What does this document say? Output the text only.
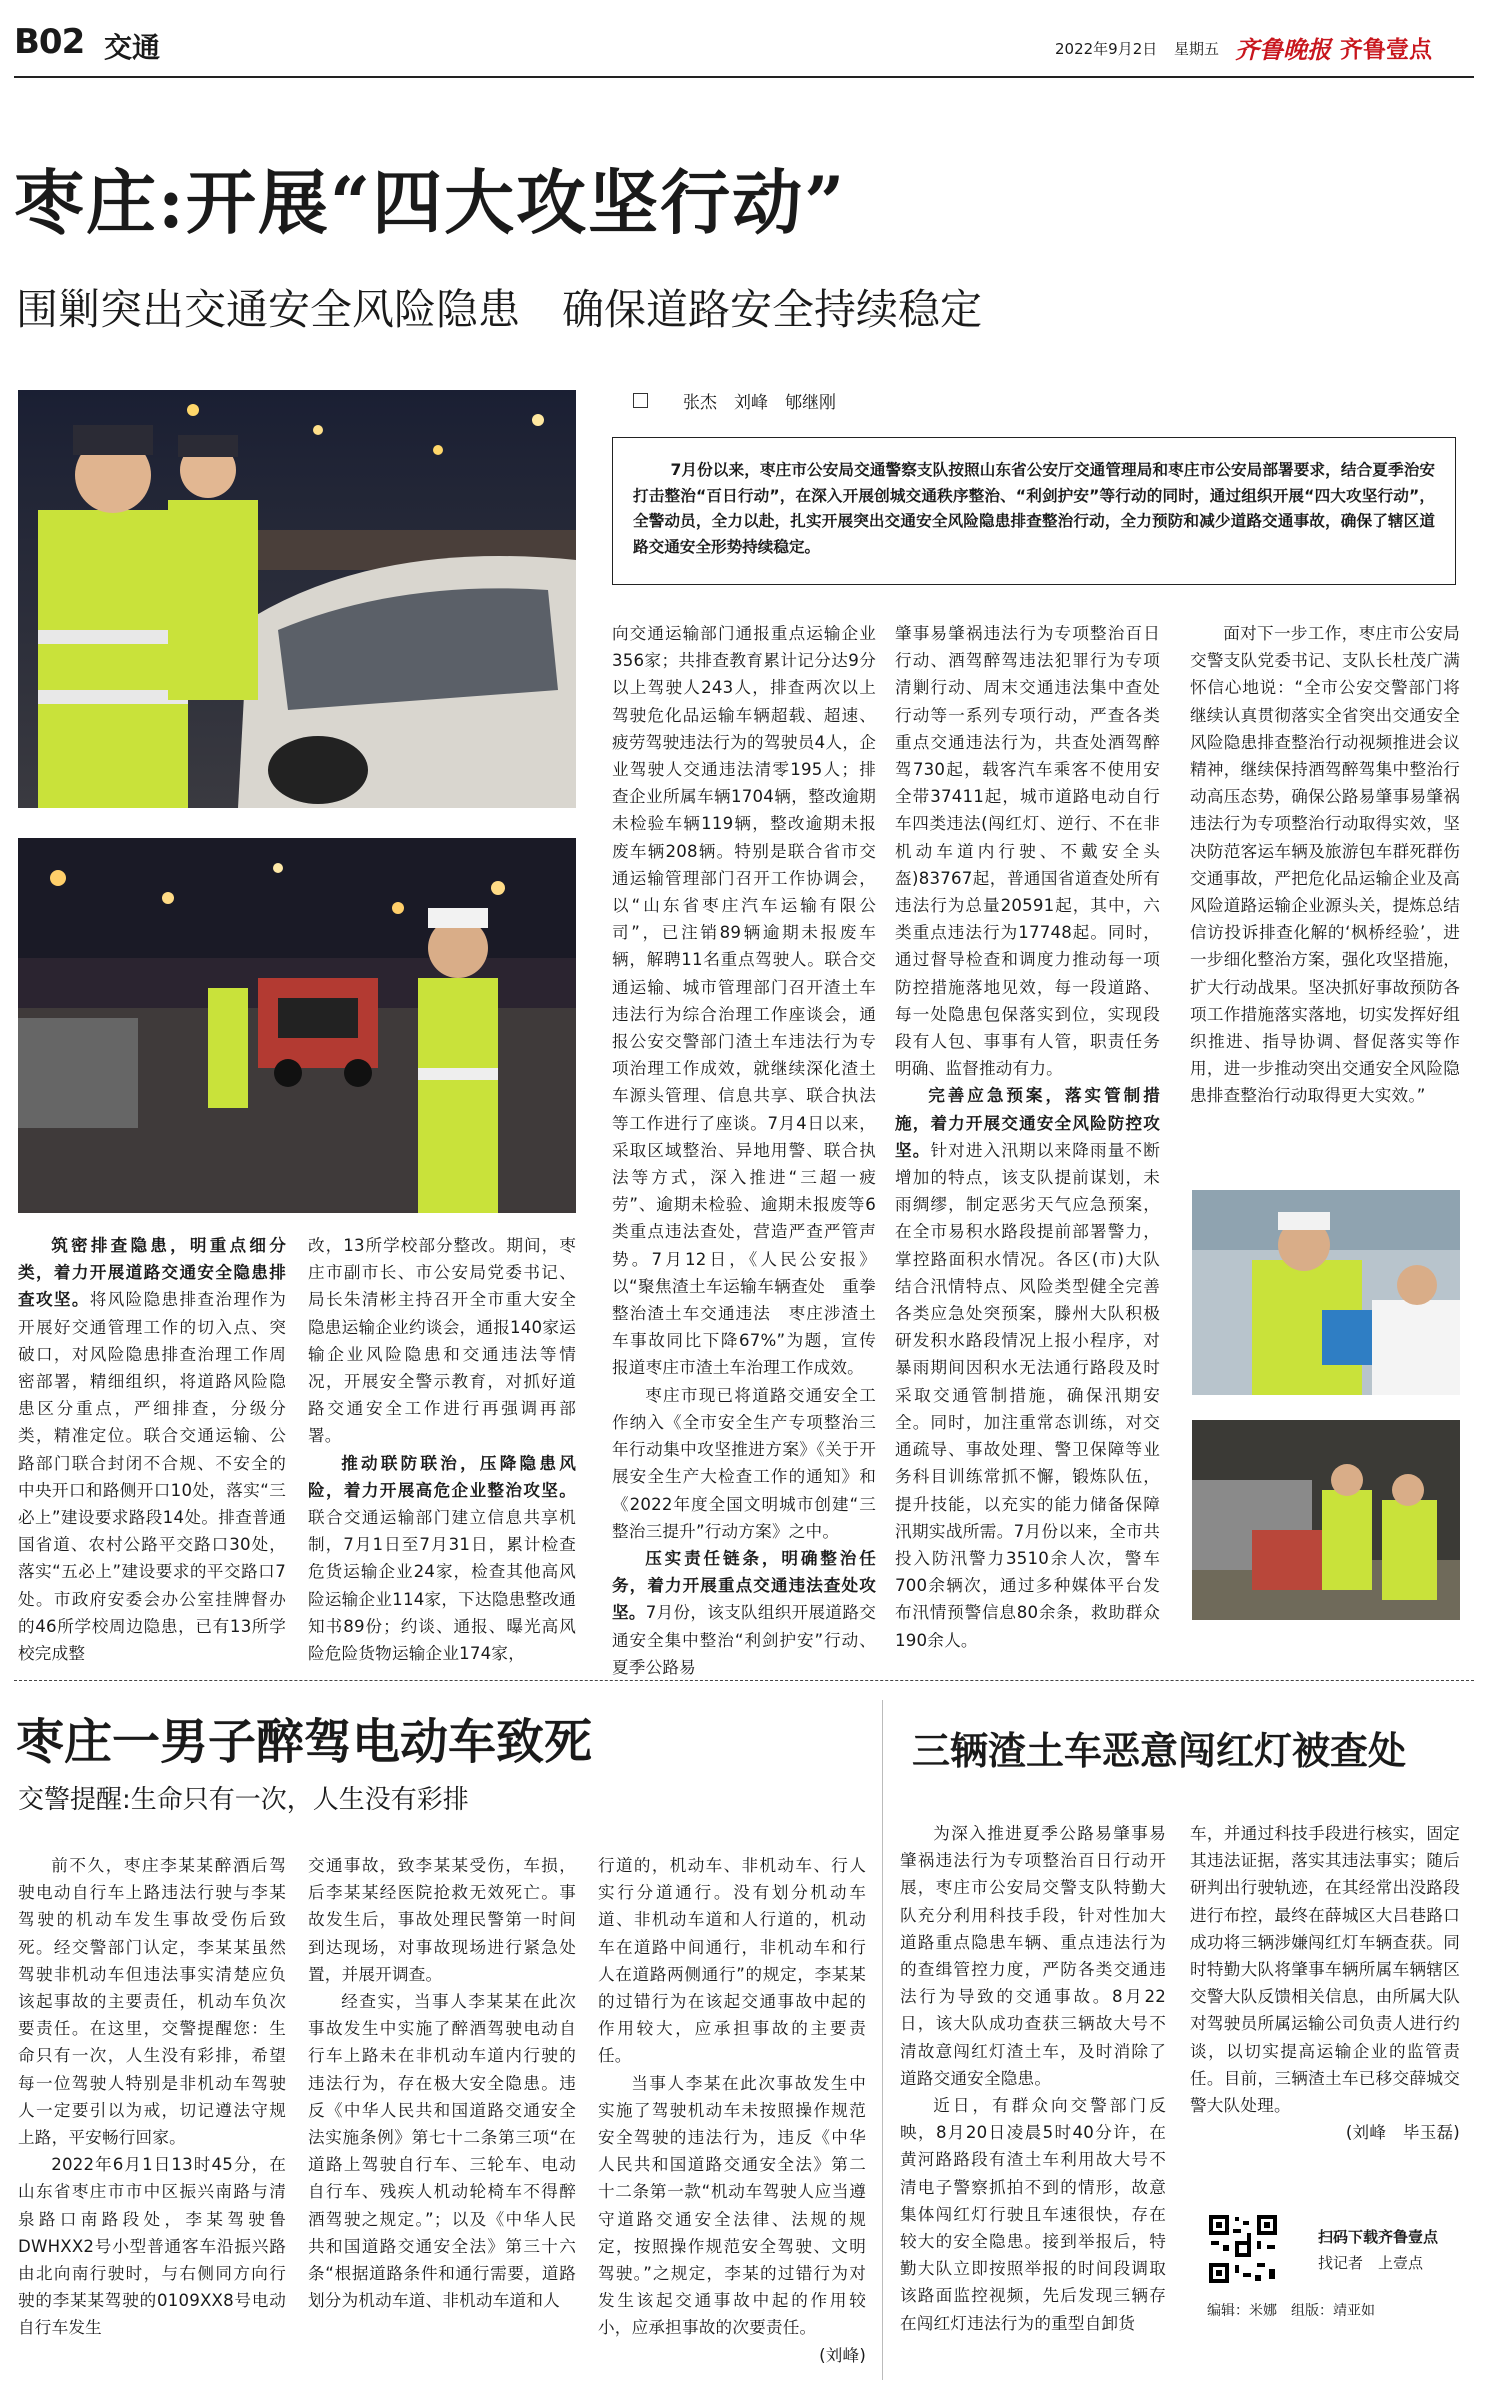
B02 交通	2022年9月2日 星期五 齐鲁晚报 齐鲁壹点
枣庄:开展“四大攻坚行动”
围剿突出交通安全风险隐患　确保道路安全持续稳定
张杰　刘峰　郇继刚
7月份以来，枣庄市公安局交通警察支队按照山东省公安厅交通管理局和枣庄市公安局部署要求，结合夏季治安打击整治“百日行动”，在深入开展创城交通秩序整治、“利剑护安”等行动的同时，通过组织开展“四大攻坚行动”，全警动员，全力以赴，扎实开展突出交通安全风险隐患排查整治行动，全力预防和减少道路交通事故，确保了辖区道路交通安全形势持续稳定。

向交通运输部门通报重点运输企业356家；共排查教育累计记分达9分以上驾驶人243人，排查两次以上驾驶危化品运输车辆超载、超速、疲劳驾驶违法行为的驾驶员4人，企业驾驶人交通违法清零195人；排查企业所属车辆1704辆，整改逾期未检验车辆119辆，整改逾期未报废车辆208辆。特别是联合省市交通运输管理部门召开工作协调会，以“山东省枣庄汽车运输有限公司”，已注销89辆逾期未报废车辆，解聘11名重点驾驶人。联合交通运输、城市管理部门召开渣土车违法行为综合治理工作座谈会，通报公安交警部门渣土车违法行为专项治理工作成效，就继续深化渣土车源头管理、信息共享、联合执法等工作进行了座谈。7月4日以来，采取区域整治、异地用警、联合执法等方式，深入推进“三超一疲劳”、逾期未检验、逾期未报废等6类重点违法查处，营造严查严管声势。7月12日，《人民公安报》以“聚焦渣土车运输车辆查处　重拳整治渣土车交通违法　枣庄涉渣土车事故同比下降67%”为题，宣传报道枣庄市渣土车治理工作成效。

枣庄市现已将道路交通安全工作纳入《全市安全生产专项整治三年行动集中攻坚推进方案》《关于开展安全生产大检查工作的通知》和《2022年度全国文明城市创建“三整治三提升”行动方案》之中。

压实责任链条，明确整治任务，着力开展重点交通违法查处攻坚。7月份，该支队组织开展道路交通安全集中整治“利剑护安”行动、夏季公路易

肇事易肇祸违法行为专项整治百日行动、酒驾醉驾违法犯罪行为专项清剿行动、周末交通违法集中查处行动等一系列专项行动，严查各类重点交通违法行为，共查处酒驾醉驾730起，载客汽车乘客不使用安全带37411起，城市道路电动自行车四类违法(闯红灯、逆行、不在非机动车道内行驶、不戴安全头盔)83767起，普通国省道查处所有违法行为总量20591起，其中，六类重点违法行为17748起。同时，通过督导检查和调度力推动每一项防控措施落地见效，每一段道路、每一处隐患包保落实到位，实现段段有人包、事事有人管，职责任务明确、监督推动有力。

完善应急预案，落实管制措施，着力开展交通安全风险防控攻坚。针对进入汛期以来降雨量不断增加的特点，该支队提前谋划，未雨绸缪，制定恶劣天气应急预案，在全市易积水路段提前部署警力，掌控路面积水情况。各区(市)大队结合汛情特点、风险类型健全完善各类应急处突预案，滕州大队积极研发积水路段情况上报小程序，对暴雨期间因积水无法通行路段及时采取交通管制措施，确保汛期安全。同时，加注重常态训练，对交通疏导、事故处理、警卫保障等业务科目训练常抓不懈，锻炼队伍，提升技能，以充实的能力储备保障汛期实战所需。7月份以来，全市共投入防汛警力3510余人次，警车700余辆次，通过多种媒体平台发布汛情预警信息80余条，救助群众190余人。

面对下一步工作，枣庄市公安局交警支队党委书记、支队长杜茂广满怀信心地说：“全市公安交警部门将继续认真贯彻落实全省突出交通安全风险隐患排查整治行动视频推进会议精神，继续保持酒驾醉驾集中整治行动高压态势，确保公路易肇事易肇祸违法行为专项整治行动取得实效，坚决防范客运车辆及旅游包车群死群伤交通事故，严把危化品运输企业及高风险道路运输企业源头关，提炼总结信访投诉排查化解的‘枫桥经验’，进一步细化整治方案，强化攻坚措施，扩大行动战果。坚决抓好事故预防各项工作措施落实落地，切实发挥好组织推进、指导协调、督促落实等作用，进一步推动突出交通安全风险隐患排查整治行动取得更大实效。”

筑密排查隐患，明重点细分类，着力开展道路交通安全隐患排查攻坚。将风险隐患排查治理作为开展好交通管理工作的切入点、突破口，对风险隐患排查治理工作周密部署，精细组织，将道路风险隐患区分重点，严细排查，分级分类，精准定位。联合交通运输、公路部门联合封闭不合规、不安全的中央开口和路侧开口10处，落实“三必上”建设要求路段14处。排查普通国省道、农村公路平交路口30处，落实“五必上”建设要求的平交路口7处。市政府安委会办公室挂牌督办的46所学校周边隐患，已有13所学校完成整

改，13所学校部分整改。期间，枣庄市副市长、市公安局党委书记、局长朱清彬主持召开全市重大安全隐患运输企业约谈会，通报140家运输企业风险隐患和交通违法等情况，开展安全警示教育，对抓好道路交通安全工作进行再强调再部署。

推动联防联治，压降隐患风险，着力开展高危企业整治攻坚。联合交通运输部门建立信息共享机制，7月1日至7月31日，累计检查危货运输企业24家，检查其他高风险运输企业114家，下达隐患整改通知书89份；约谈、通报、曝光高风险危险货物运输企业174家，

枣庄一男子醉驾电动车致死
交警提醒:生命只有一次，人生没有彩排

前不久，枣庄李某某醉酒后驾驶电动自行车上路违法行驶与李某驾驶的机动车发生事故受伤后致死。经交警部门认定，李某某虽然驾驶非机动车但违法事实清楚应负该起事故的主要责任，机动车负次要责任。在这里，交警提醒您：生命只有一次，人生没有彩排，希望每一位驾驶人特别是非机动车驾驶人一定要引以为戒，切记遵法守规上路，平安畅行回家。

2022年6月1日13时45分，在山东省枣庄市市中区振兴南路与清泉路口南路段处，李某驾驶鲁DWHXX2号小型普通客车沿振兴路由北向南行驶时，与右侧同方向行驶的李某某驾驶的0109XX8号电动自行车发生

交通事故，致李某某受伤，车损，后李某某经医院抢救无效死亡。事故发生后，事故处理民警第一时间到达现场，对事故现场进行紧急处置，并展开调查。

经查实，当事人李某某在此次事故发生中实施了醉酒驾驶电动自行车上路未在非机动车道内行驶的违法行为，存在极大安全隐患。违反《中华人民共和国道路交通安全法实施条例》第七十二条第三项“在道路上驾驶自行车、三轮车、电动自行车、残疾人机动轮椅车不得醉酒驾驶之规定。”；以及《中华人民共和国道路交通安全法》第三十六条“根据道路条件和通行需要，道路划分为机动车道、非机动车道和人

行道的，机动车、非机动车、行人实行分道通行。没有划分机动车道、非机动车道和人行道的，机动车在道路中间通行，非机动车和行人在道路两侧通行”的规定，李某某的过错行为在该起交通事故中起的作用较大，应承担事故的主要责任。

当事人李某在此次事故发生中实施了驾驶机动车未按照操作规范安全驾驶的违法行为，违反《中华人民共和国道路交通安全法》第二十二条第一款“机动车驾驶人应当遵守道路交通安全法律、法规的规定，按照操作规范安全驾驶、文明驾驶。”之规定，李某的过错行为对发生该起交通事故中起的作用较小，应承担事故的次要责任。

(刘峰)
三辆渣土车恶意闯红灯被查处

为深入推进夏季公路易肇事易肇祸违法行为专项整治百日行动开展，枣庄市公安局交警支队特勤大队充分利用科技手段，针对性加大道路重点隐患车辆、重点违法行为的查缉管控力度，严防各类交通违法行为导致的交通事故。8月22日，该大队成功查获三辆故大号不清故意闯红灯渣土车，及时消除了道路交通安全隐患。

近日，有群众向交警部门反映，8月20日凌晨5时40分许，在黄河路路段有渣土车利用故大号不清电子警察抓拍不到的情形，故意集体闯红灯行驶且车速很快，存在较大的安全隐患。接到举报后，特勤大队立即按照举报的时间段调取该路面监控视频，先后发现三辆存在闯红灯违法行为的重型自卸货

车，并通过科技手段进行核实，固定其违法证据，落实其违法事实；随后研判出行驶轨迹，在其经常出没路段进行布控，最终在薛城区大吕巷路口成功将三辆涉嫌闯红灯车辆查获。同时特勤大队将肇事车辆所属车辆辖区交警大队反馈相关信息，由所属大队对驾驶员所属运输公司负责人进行约谈，以切实提高运输企业的监管责任。目前，三辆渣土车已移交薛城交警大队处理。

(刘峰　毕玉磊)
扫码下载齐鲁壹点
找记者　上壹点
编辑：米娜　组版：靖亚如
